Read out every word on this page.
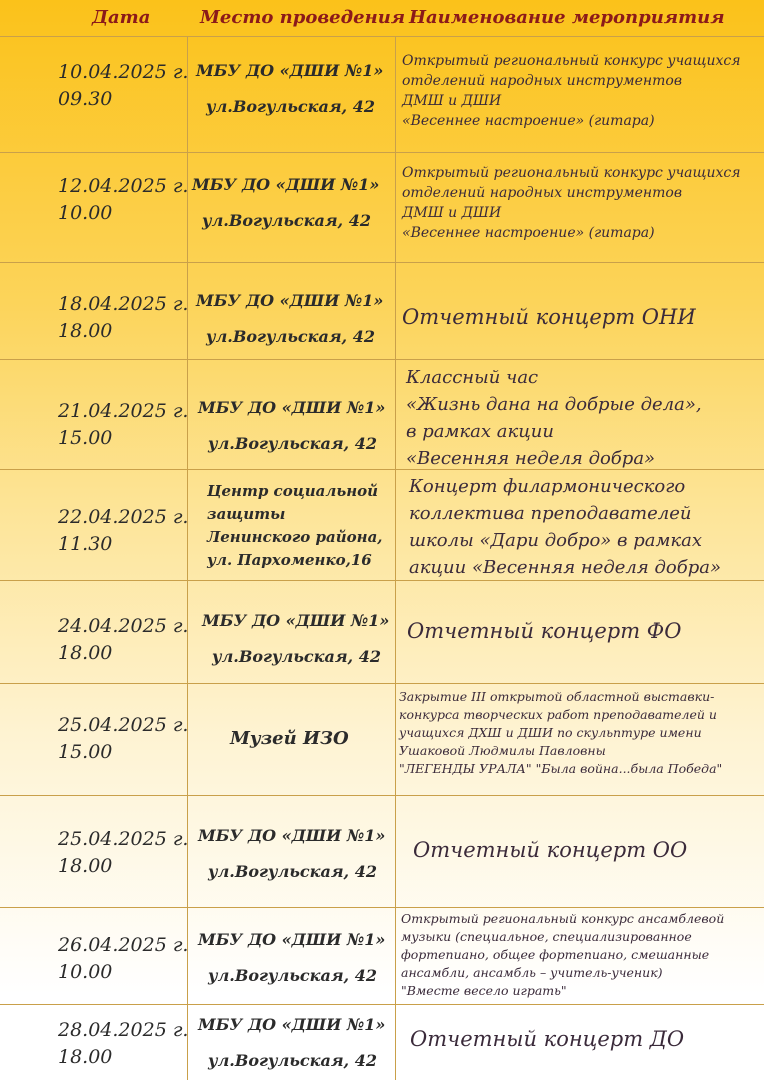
Дата	Место проведения Наименование мероприятия
10.04.2025 г.
09.30
МБУ ДО «ДШИ №1»
ул.Вогульская, 42
Открытый региональный конкурс учащихся
отделений народных инструментов
ДМШ и ДШИ
«Весеннее настроение» (гитара)
12.04.2025 г.
10.00
МБУ ДО «ДШИ №1»
ул.Вогульская, 42
Открытый региональный конкурс учащихся
отделений народных инструментов
ДМШ и ДШИ
«Весеннее настроение» (гитара)
18.04.2025 г.
18.00
МБУ ДО «ДШИ №1»
ул.Вогульская, 42
Отчетный концерт ОНИ
21.04.2025 г.
15.00
МБУ ДО «ДШИ №1»
ул.Вогульская, 42
Классный час
«Жизнь дана на добрые дела»,
в рамках акции
«Весенняя неделя добра»
22.04.2025 г.
11.30
Центр социальной
защиты
Ленинского района,
ул. Пархоменко,16
Концерт филармонического
коллектива преподавателей
школы «Дари добро» в рамках
акции «Весенняя неделя добра»
24.04.2025 г.
18.00
МБУ ДО «ДШИ №1»
ул.Вогульская, 42
Отчетный концерт ФО
25.04.2025 г.
15.00
Музей ИЗО
Закрытие III открытой областной выставки-
конкурса творческих работ преподавателей и
учащихся ДХШ и ДШИ по скульптуре имени
Ушаковой Людмилы Павловны
"ЛЕГЕНДЫ УРАЛА" "Была война...была Победа"
25.04.2025 г.
18.00
МБУ ДО «ДШИ №1»
ул.Вогульская, 42
Отчетный концерт ОО
26.04.2025 г.
10.00
МБУ ДО «ДШИ №1»
ул.Вогульская, 42
Открытый региональный конкурс ансамблевой
музыки (специальное, специализированное
фортепиано, общее фортепиано, смешанные
ансамбли, ансамбль – учитель-ученик)
"Вместе весело играть"
28.04.2025 г.
18.00
МБУ ДО «ДШИ №1»
ул.Вогульская, 42
Отчетный концерт ДО
